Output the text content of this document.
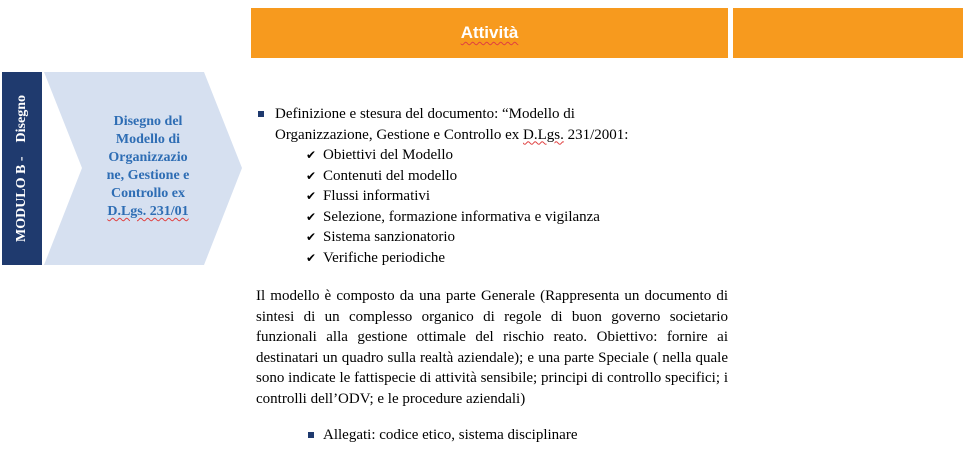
Attività
MODULO B -
Disegno	Disegno del
Modello di
Organizzazio
ne, Gestione e
Controllo ex
D.Lgs. 231/01
Definizione e stesura del documento: “Modello di
Organizzazione, Gestione e Controllo ex D.Lgs. 231/2001:
✔ Obiettivi del Modello
✔ Contenuti del modello
✔ Flussi informativi
✔ Selezione, formazione informativa e vigilanza
✔ Sistema sanzionatorio
✔ Verifiche periodiche
Il modello è composto da una parte Generale (Rappresenta un documento di sintesi di un complesso organico di regole di buon governo societario funzionali alla gestione ottimale del rischio reato. Obiettivo: fornire ai destinatari un quadro sulla realtà aziendale); e una parte Speciale ( nella quale sono indicate le fattispecie di attività sensibile; principi di controllo specifici; i controlli dell’ODV; e le procedure aziendali)
Allegati: codice etico, sistema disciplinare
